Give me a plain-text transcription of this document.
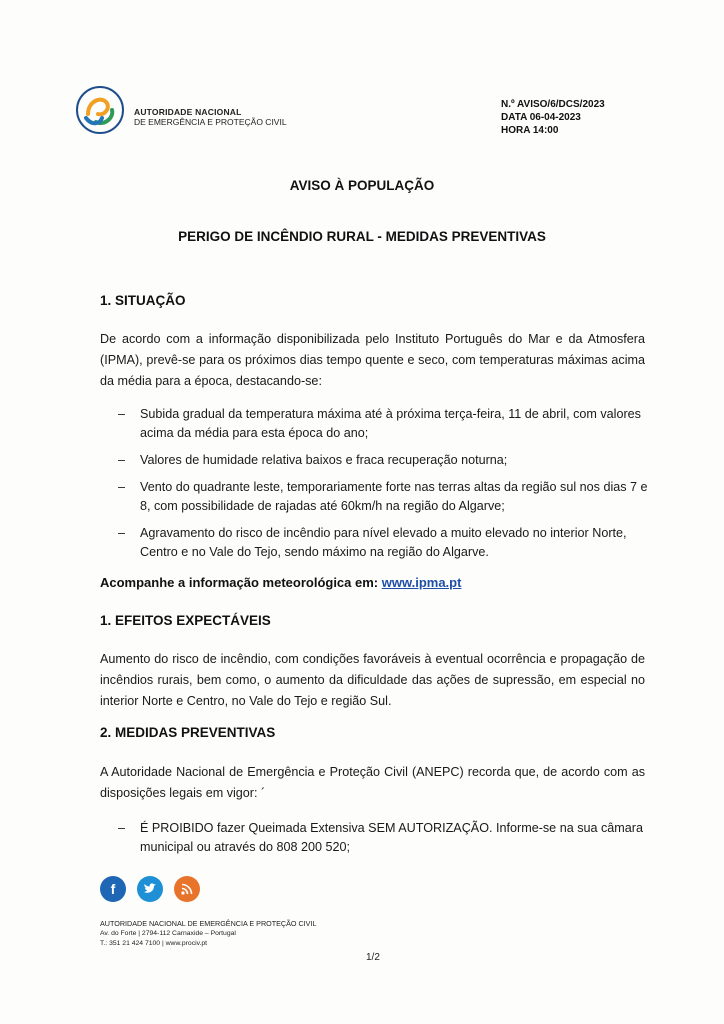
AUTORIDADE NACIONAL
DE EMERGÊNCIA E PROTEÇÃO CIVIL
N.º AVISO/6/DCS/2023
DATA 06-04-2023
HORA 14:00
AVISO À POPULAÇÃO
PERIGO DE INCÊNDIO RURAL - MEDIDAS PREVENTIVAS
1. SITUAÇÃO
De acordo com a informação disponibilizada pelo Instituto Português do Mar e da Atmosfera (IPMA), prevê-se para os próximos dias tempo quente e seco, com temperaturas máximas acima da média para a época, destacando-se:
– Subida gradual da temperatura máxima até à próxima terça-feira, 11 de abril, com valores acima da média para esta época do ano;
– Valores de humidade relativa baixos e fraca recuperação noturna;
– Vento do quadrante leste, temporariamente forte nas terras altas da região sul nos dias 7 e 8, com possibilidade de rajadas até 60km/h na região do Algarve;
– Agravamento do risco de incêndio para nível elevado a muito elevado no interior Norte, Centro e no Vale do Tejo, sendo máximo na região do Algarve.
Acompanhe a informação meteorológica em: www.ipma.pt
1. EFEITOS EXPECTÁVEIS
Aumento do risco de incêndio, com condições favoráveis à eventual ocorrência e propagação de incêndios rurais, bem como, o aumento da dificuldade das ações de supressão, em especial no interior Norte e Centro, no Vale do Tejo e região Sul.
2. MEDIDAS PREVENTIVAS
A Autoridade Nacional de Emergência e Proteção Civil (ANEPC) recorda que, de acordo com as disposições legais em vigor: ´
– É PROIBIDO fazer Queimada Extensiva SEM AUTORIZAÇÃO. Informe-se na sua câmara municipal ou através do 808 200 520;
f
AUTORIDADE NACIONAL DE EMERGÊNCIA E PROTEÇÃO CIVIL
Av. do Forte | 2794-112 Carnaxide – Portugal
T.: 351 21 424 7100 | www.prociv.pt
1/2
